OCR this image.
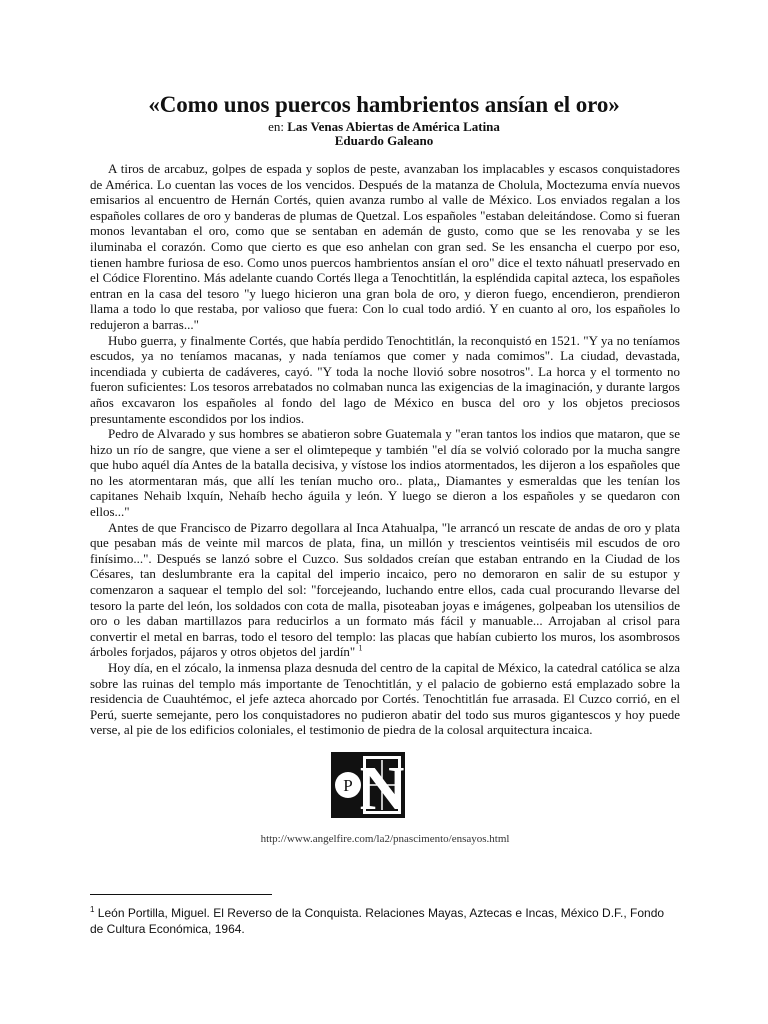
«Como unos puercos hambrientos ansían el oro»
en: Las Venas Abiertas de América Latina
Eduardo Galeano

A tiros de arcabuz, golpes de espada y soplos de peste, avanzaban los implacables y escasos conquistadores de América. Lo cuentan las voces de los vencidos. Después de la matanza de Cholula, Moctezuma envía nuevos emisarios al encuentro de Hernán Cortés, quien avanza rumbo al valle de México. Los enviados regalan a los españoles collares de oro y banderas de plumas de Quetzal. Los españoles "estaban deleitándose. Como si fueran monos levantaban el oro, como que se sentaban en ademán de gusto, como que se les renovaba y se les iluminaba el corazón. Como que cierto es que eso anhelan con gran sed. Se les ensancha el cuerpo por eso, tienen hambre furiosa de eso. Como unos puercos hambrientos ansían el oro" dice el texto náhuatl preservado en el Códice Florentino. Más adelante cuando Cortés llega a Tenochtitlán, la espléndida capital azteca, los españoles entran en la casa del tesoro "y luego hicieron una gran bola de oro, y dieron fuego, encendieron, prendieron llama a todo lo que restaba, por valioso que fuera: Con lo cual todo ardió. Y en cuanto al oro, los españoles lo redujeron a barras..."

Hubo guerra, y finalmente Cortés, que había perdido Tenochtitlán, la reconquistó en 1521. "Y ya no teníamos escudos, ya no teníamos macanas, y nada teníamos que comer y nada comimos". La ciudad, devastada, incendiada y cubierta de cadáveres, cayó. "Y toda la noche llovió sobre nosotros". La horca y el tormento no fueron suficientes: Los tesoros arrebatados no colmaban nunca las exigencias de la imaginación, y durante largos años excavaron los españoles al fondo del lago de México en busca del oro y los objetos preciosos presuntamente escondidos por los indios.

Pedro de Alvarado y sus hombres se abatieron sobre Guatemala y "eran tantos los indios que mataron, que se hizo un río de sangre, que viene a ser el olimtepeque y también "el día se volvió colorado por la mucha sangre que hubo aquél día Antes de la batalla decisiva, y vístose los indios atormentados, les dijeron a los españoles que no les atormentaran más, que allí les tenían mucho oro.. plata,, Diamantes y esmeraldas que les tenían los capitanes Nehaib lxquín, Nehaíb hecho águila y león. Y luego se dieron a los españoles y se quedaron con ellos..."

Antes de que Francisco de Pizarro degollara al Inca Atahualpa, "le arrancó un rescate de andas de oro y plata que pesaban más de veinte mil marcos de plata, fina, un millón y trescientos veintiséis mil escudos de oro finísimo...". Después se lanzó sobre el Cuzco. Sus soldados creían que estaban entrando en la Ciudad de los Césares, tan deslumbrante era la capital del imperio incaico, pero no demoraron en salir de su estupor y comenzaron a saquear el templo del sol: "forcejeando, luchando entre ellos, cada cual procurando llevarse del tesoro la parte del león, los soldados con cota de malla, pisoteaban joyas e imágenes, golpeaban los utensilios de oro o les daban martillazos para reducirlos a un formato más fácil y manuable... Arrojaban al crisol para convertir el metal en barras, todo el tesoro del templo: las placas que habían cubierto los muros, los asombrosos árboles forjados, pájaros y otros objetos del jardín" $^1$

Hoy día, en el zócalo, la inmensa plaza desnuda del centro de la capital de México, la catedral católica se alza sobre las ruinas del templo más importante de Tenochtitlán, y el palacio de gobierno está emplazado sobre la residencia de Cuauhtémoc, el jefe azteca ahorcado por Cortés. Tenochtitlán fue arrasada. El Cuzco corrió, en el Perú, suerte semejante, pero los conquistadores no pudieron abatir del todo sus muros gigantescos y hoy puede verse, al pie de los edificios coloniales, el testimonio de piedra de la colosal arquitectura incaica.

P N
http://www.angelfire.com/la2/pnascimento/ensayos.html
$^1$ León Portilla, Miguel. El Reverso de la Conquista. Relaciones Mayas, Aztecas e Incas, México D.F., Fondo de Cultura Económica, 1964.
